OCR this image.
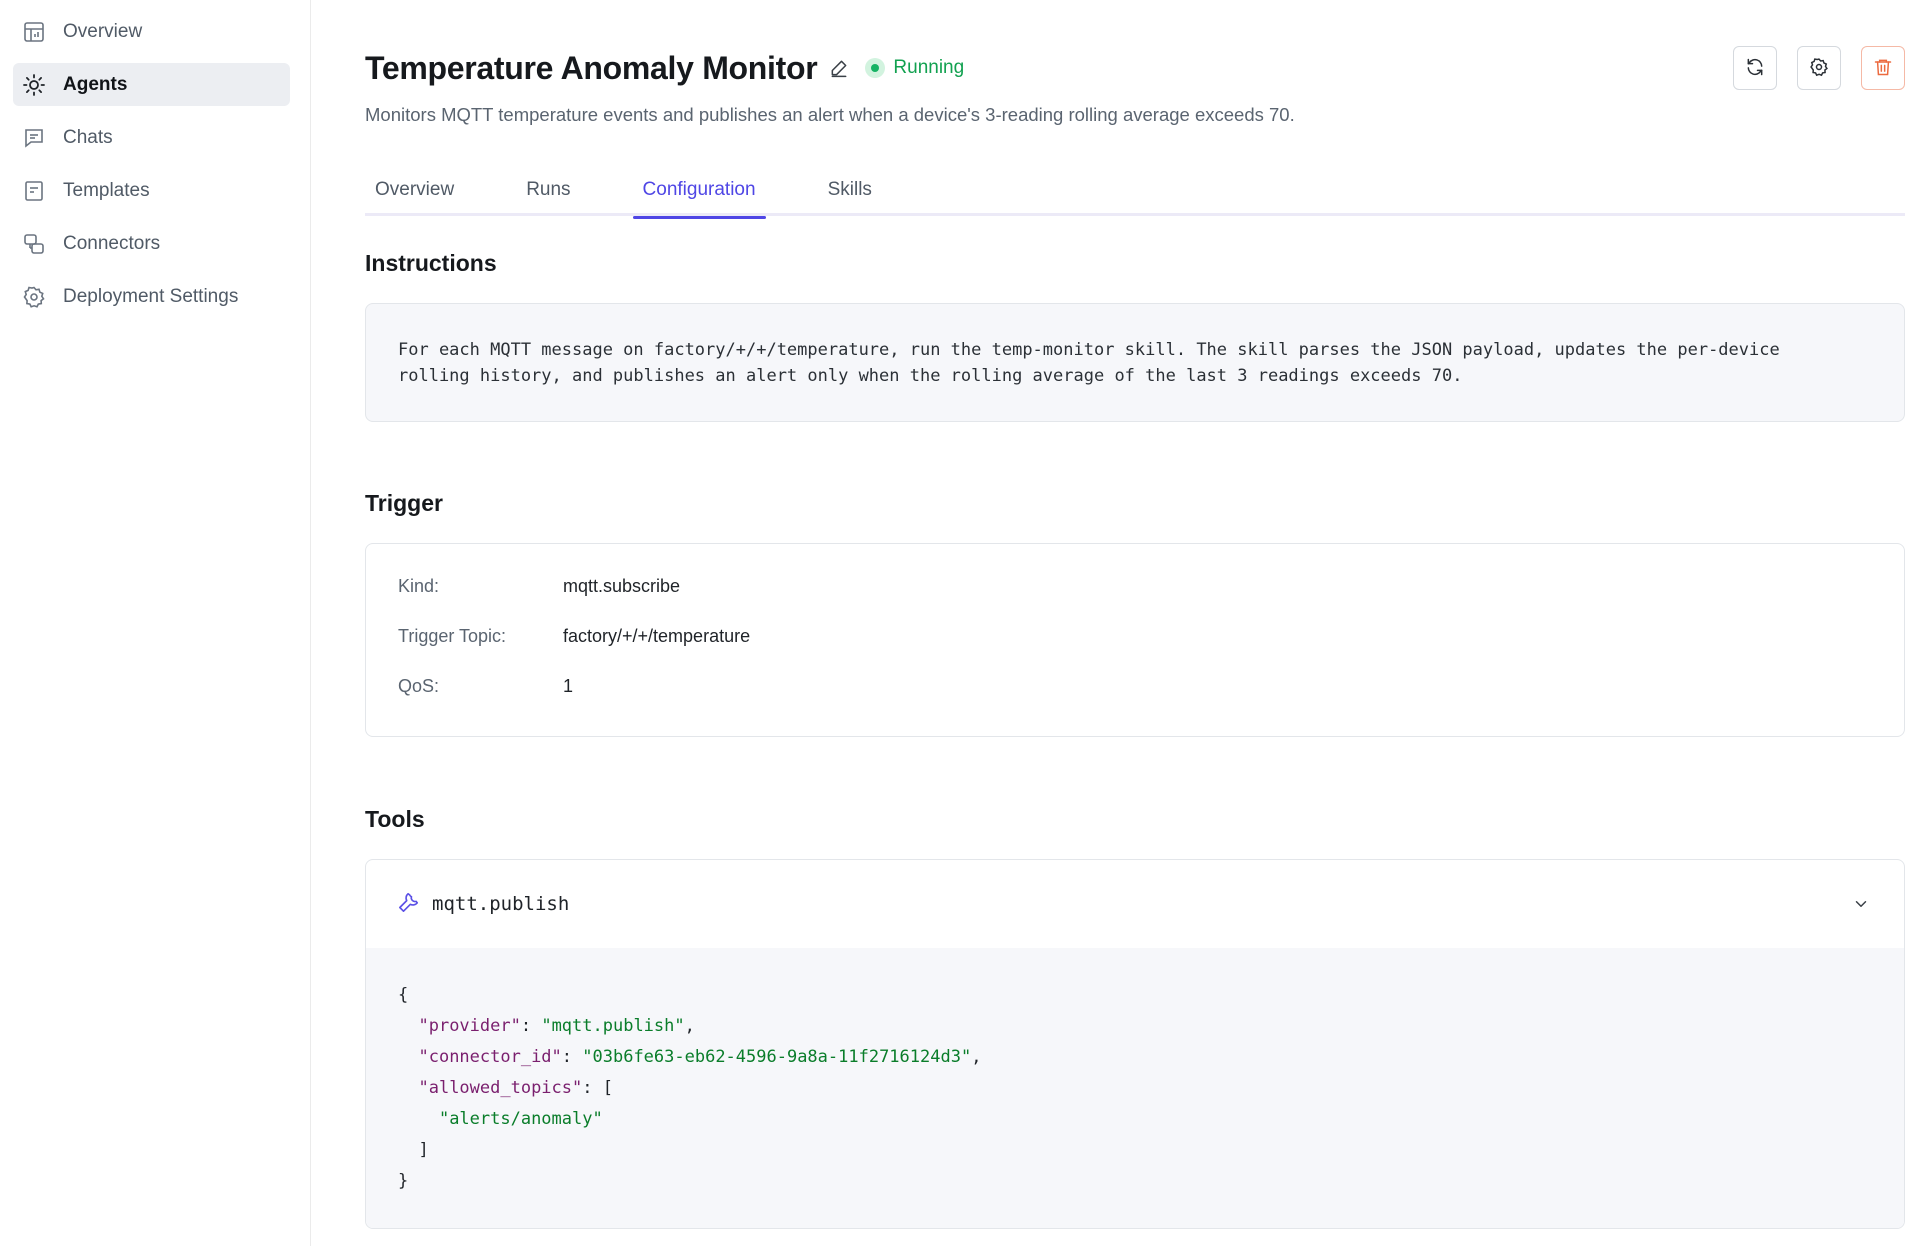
Overview
Agents
Chats
Templates
Connectors
Deployment Settings
Temperature Anomaly Monitor	Running

Monitors MQTT temperature events and publishes an alert when a device's 3-reading rolling average exceeds 70.

Overview	Runs	Configuration	Skills
Instructions
For each MQTT message on factory/+/+/temperature, run the temp-monitor skill. The skill parses the JSON payload, updates the per-device
rolling history, and publishes an alert only when the rolling average of the last 3 readings exceeds 70.
Trigger
Kind:	mqtt.subscribe
Trigger Topic:	factory/+/+/temperature
QoS:	1
Tools
mqtt.publish
{
"provider": "mqtt.publish",
"connector_id": "03b6fe63-eb62-4596-9a8a-11f2716124d3",
"allowed_topics": [
"alerts/anomaly"
]
}
